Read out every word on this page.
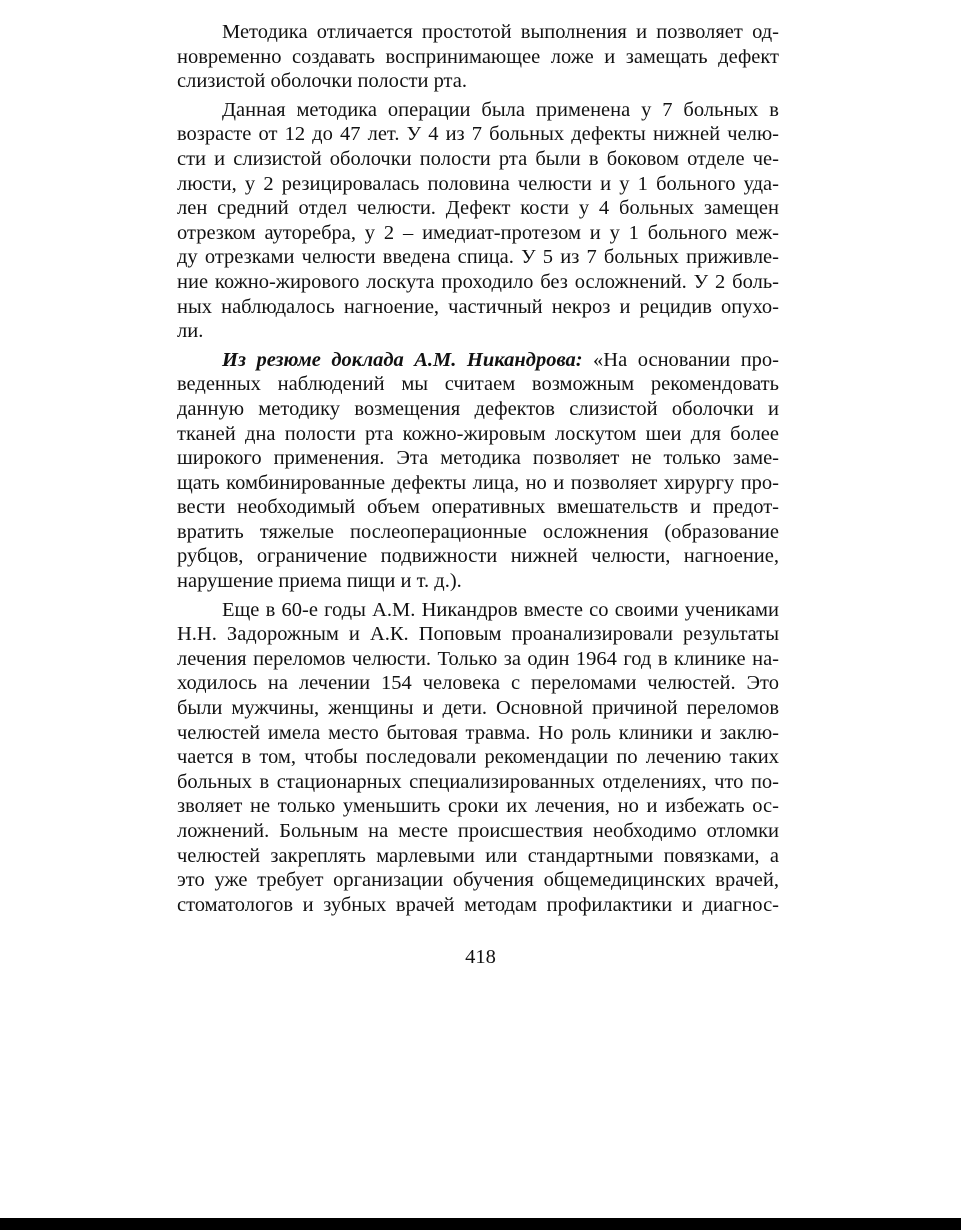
Методика отличается простотой выполнения и позволяет од-
новременно создавать воспринимающее ложе и замещать дефект
слизистой оболочки полости рта.
Данная методика операции была применена у 7 больных в
возрасте от 12 до 47 лет. У 4 из 7 больных дефекты нижней челю-
сти и слизистой оболочки полости рта были в боковом отделе че-
люсти, у 2 резицировалась половина челюсти и у 1 больного уда-
лен средний отдел челюсти. Дефект кости у 4 больных замещен
отрезком ауторебра, у 2 – имедиат-протезом и у 1 больного меж-
ду отрезками челюсти введена спица. У 5 из 7 больных приживле-
ние кожно-жирового лоскута проходило без осложнений. У 2 боль-
ных наблюдалось нагноение, частичный некроз и рецидив опухо-
ли.
Из резюме доклада А.М. Никандрова: «На основании про-
веденных наблюдений мы считаем возможным рекомендовать
данную методику возмещения дефектов слизистой оболочки и
тканей дна полости рта кожно-жировым лоскутом шеи для более
широкого применения. Эта методика позволяет не только заме-
щать комбинированные дефекты лица, но и позволяет хирургу про-
вести необходимый объем оперативных вмешательств и предот-
вратить тяжелые послеоперационные осложнения (образование
рубцов, ограничение подвижности нижней челюсти, нагноение,
нарушение приема пищи и т. д.).
Еще в 60-е годы А.М. Никандров вместе со своими учениками
Н.Н. Задорожным и А.К. Поповым проанализировали результаты
лечения переломов челюсти. Только за один 1964 год в клинике на-
ходилось на лечении 154 человека с переломами челюстей. Это
были мужчины, женщины и дети. Основной причиной переломов
челюстей имела место бытовая травма. Но роль клиники и заклю-
чается в том, чтобы последовали рекомендации по лечению таких
больных в стационарных специализированных отделениях, что по-
зволяет не только уменьшить сроки их лечения, но и избежать ос-
ложнений. Больным на месте происшествия необходимо отломки
челюстей закреплять марлевыми или стандартными повязками, а
это уже требует организации обучения общемедицинских врачей,
стоматологов и зубных врачей методам профилактики и диагнос-
418
